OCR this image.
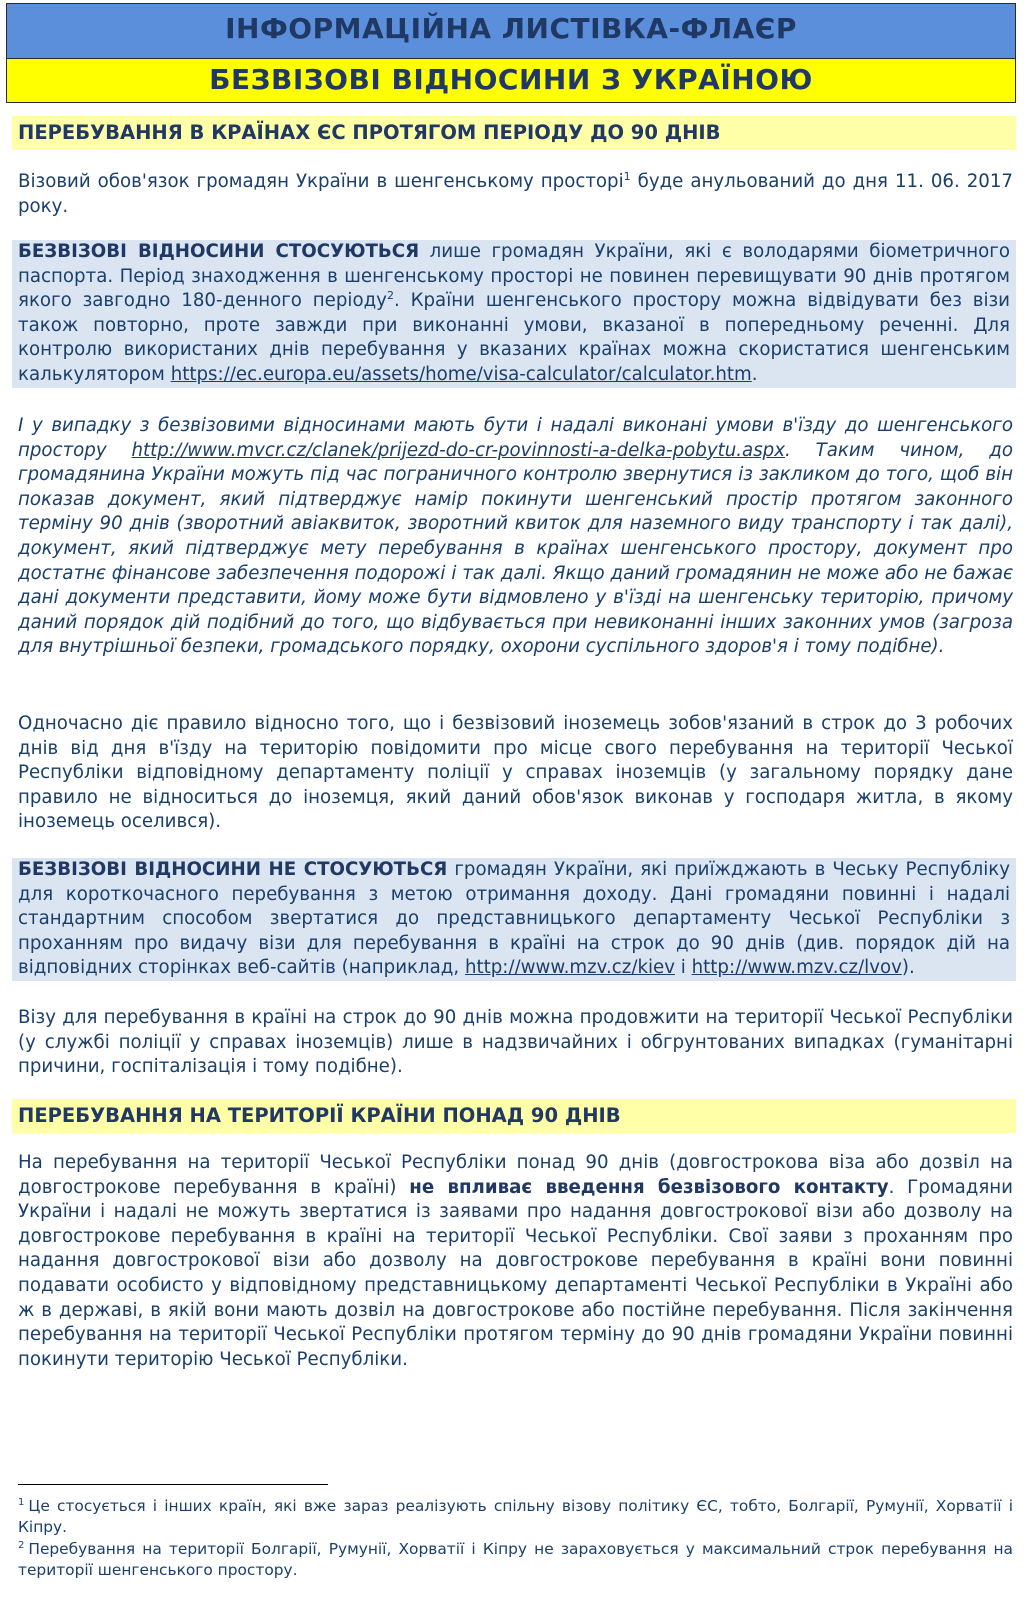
ІНФОРМАЦІЙНА ЛИСТІВКА-ФЛАЄР
БЕЗВІЗОВІ ВІДНОСИНИ З УКРАЇНОЮ
ПЕРЕБУВАННЯ В КРАЇНАХ ЄС ПРОТЯГОМ ПЕРІОДУ ДО 90 ДНІВ

Візовий обов'язок громадян України в шенгенському просторі$^1$ буде анульований до дня 11. 06. 2017 року.

БЕЗВІЗОВІ ВІДНОСИНИ СТОСУЮТЬСЯ лише громадян України, які є володарями біометричного паспорта. Період знаходження в шенгенському просторі не повинен перевищувати 90 днів протягом якого завгодно 180-денного періоду$^2$. Країни шенгенського простору можна відвідувати без візи також повторно, проте завжди при виконанні умови, вказаної в попередньому реченні. Для контролю використаних днів перебування у вказаних країнах можна скористатися шенгенським калькулятором https://ec.europa.eu/assets/home/visa-calculator/calculator.htm.

І у випадку з безвізовими відносинами мають бути і надалі виконані умови в'їзду до шенгенського простору http://www.mvcr.cz/clanek/prijezd-do-cr-povinnosti-a-delka-pobytu.aspx. Таким чином, до громадянина України можуть під час пограничного контролю звернутися із закликом до того, щоб він показав документ, який підтверджує намір покинути шенгенський простір протягом законного терміну 90 днів (зворотний авіаквиток, зворотний квиток для наземного виду транспорту і так далі), документ, який підтверджує мету перебування в країнах шенгенського простору, документ про достатнє фінансове забезпечення подорожі і так далі. Якщо даний громадянин не може або не бажає дані документи представити, йому може бути відмовлено у в'їзді на шенгенську територію, причому даний порядок дій подібний до того, що відбувається при невиконанні інших законних умов (загроза для внутрішньої безпеки, громадського порядку, охорони суспільного здоров'я і тому подібне).

Одночасно діє правило відносно того, що і безвізовий іноземець зобов'язаний в строк до 3 робочих днів від дня в'їзду на територію повідомити про місце свого перебування на території Чеської Республіки відповідному департаменту поліції у справах іноземців (у загальному порядку дане правило не відноситься до іноземця, який даний обов'язок виконав у господаря житла, в якому іноземець оселився).

БЕЗВІЗОВІ ВІДНОСИНИ НЕ СТОСУЮТЬСЯ громадян України, які приїжджають в Чеську Республіку для короткочасного перебування з метою отримання доходу. Дані громадяни повинні і надалі стандартним способом звертатися до представницького департаменту Чеської Республіки з проханням про видачу візи для перебування в країні на строк до 90 днів (див. порядок дій на відповідних сторінках веб-сайтів (наприклад, http://www.mzv.cz/kiev і http://www.mzv.cz/lvov).

Візу для перебування в країні на строк до 90 днів можна продовжити на території Чеської Республіки (у службі поліції у справах іноземців) лише в надзвичайних і обгрунтованих випадках (гуманітарні причини, госпіталізація і тому подібне).

ПЕРЕБУВАННЯ НА ТЕРИТОРІЇ КРАЇНИ ПОНАД 90 ДНІВ

На перебування на території Чеської Республіки понад 90 днів (довгострокова віза або дозвіл на довгострокове перебування в країні) не впливає введення безвізового контакту. Громадяни України і надалі не можуть звертатися із заявами про надання довгострокової візи або дозволу на довгострокове перебування в країні на території Чеської Республіки. Свої заяви з проханням про надання довгострокової візи або дозволу на довгострокове перебування в країні вони повинні подавати особисто у відповідному представницькому департаменті Чеської Республіки в Україні або ж в державі, в якій вони мають дозвіл на довгострокове або постійне перебування. Після закінчення перебування на території Чеської Республіки протягом терміну до 90 днів громадяни України повинні покинути територію Чеської Республіки.

$^1$ Це стосується і інших країн, які вже зараз реалізують спільну візову політику ЄС, тобто, Болгарії, Румунії, Хорватії і Кіпру.
$^2$ Перебування на території Болгарії, Румунії, Хорватії і Кіпру не зараховується у максимальний строк перебування на території шенгенського простору.
